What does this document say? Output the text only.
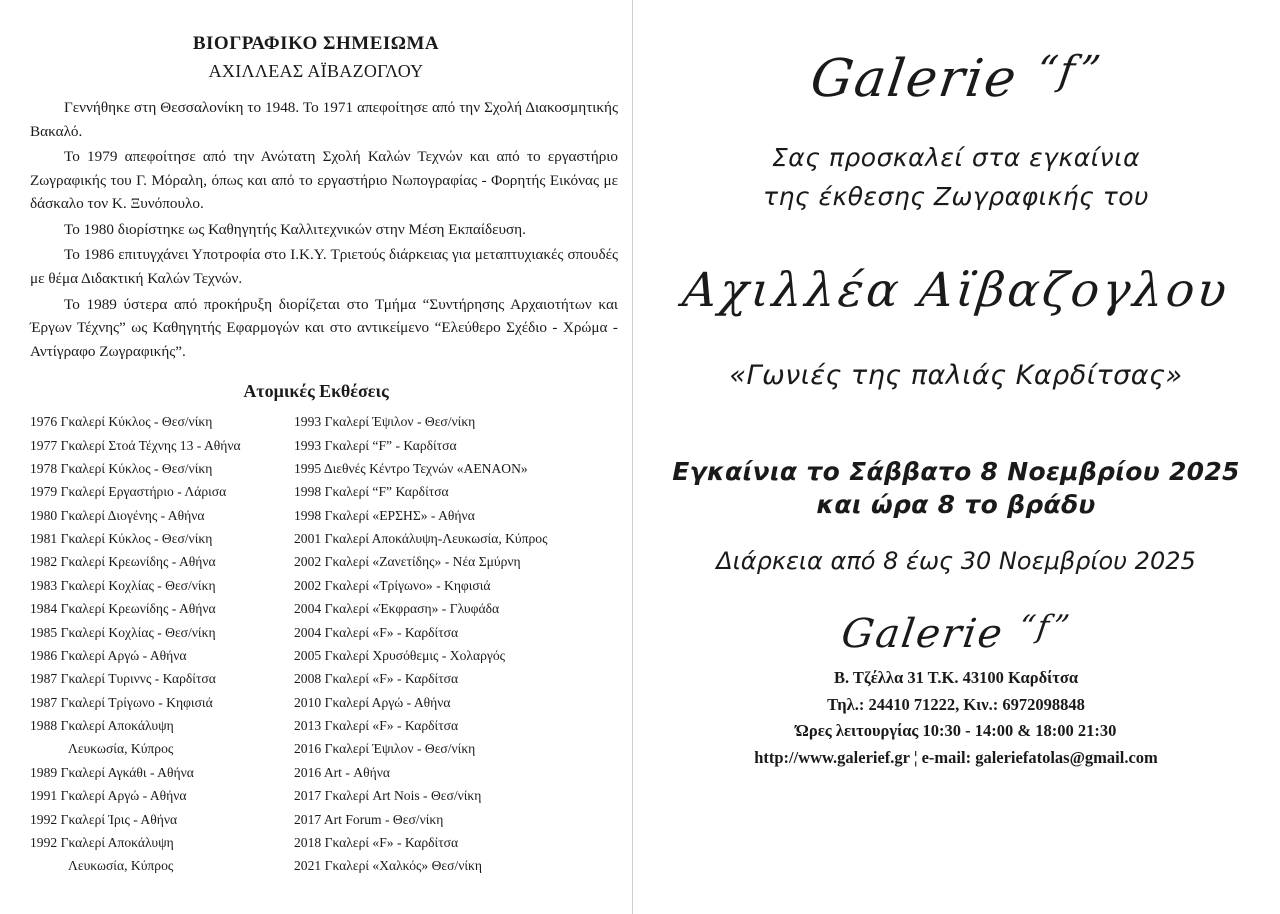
ΒΙΟΓΡΑΦΙΚΟ ΣΗΜΕΙΩΜΑ
ΑΧΙΛΛΕΑΣ ΑΪΒΑΖΟΓΛΟΥ

Γεννήθηκε στη Θεσσαλονίκη το 1948. Το 1971 απεφοίτησε από την Σχολή Διακοσμητικής Βακαλό.

Το 1979 απεφοίτησε από την Ανώτατη Σχολή Καλών Τεχνών και από το εργαστήριο Ζωγραφικής του Γ. Μόραλη, όπως και από το εργαστήριο Νωπογραφίας - Φορητής Εικόνας με δάσκαλο τον Κ. Ξυνόπουλο.

Το 1980 διορίστηκε ως Καθηγητής Καλλιτεχνικών στην Μέση Εκπαίδευση.

Το 1986 επιτυγχάνει Υποτροφία στο Ι.Κ.Υ. Τριετούς διάρκειας για μεταπτυχιακές σπουδές με θέμα Διδακτική Καλών Τεχνών.

Το 1989 ύστερα από προκήρυξη διορίζεται στο Τμήμα “Συντήρησης Αρχαιοτήτων και Έργων Τέχνης” ως Καθηγητής Εφαρμογών και στο αντικείμενο “Ελεύθερο Σχέδιο - Χρώμα - Αντίγραφο Ζωγραφικής”.

Ατομικές Εκθέσεις
1976 Γκαλερί Κύκλος - Θεσ/νίκη
1977 Γκαλερί Στοά Τέχνης 13 - Αθήνα
1978 Γκαλερί Κύκλος - Θεσ/νίκη
1979 Γκαλερί Εργαστήριο - Λάρισα
1980 Γκαλερί Διογένης - Αθήνα
1981 Γκαλερί Κύκλος - Θεσ/νίκη
1982 Γκαλερί Κρεωνίδης - Αθήνα
1983 Γκαλερί Κοχλίας - Θεσ/νίκη
1984 Γκαλερί Κρεωνίδης - Αθήνα
1985 Γκαλερί Κοχλίας - Θεσ/νίκη
1986 Γκαλερί Αργώ - Αθήνα
1987 Γκαλερί Τυριννς - Καρδίτσα
1987 Γκαλερί Τρίγωνο - Κηφισιά
1988 Γκαλερί Αποκάλυψη
Λευκωσία, Κύπρος
1989 Γκαλερί Αγκάθι - Αθήνα
1991 Γκαλερί Αργώ - Αθήνα
1992 Γκαλερί Ίρις - Αθήνα
1992 Γκαλερί Αποκάλυψη
Λευκωσία, Κύπρος
1993 Γκαλερί Έψιλον - Θεσ/νίκη
1993 Γκαλερί “F” - Καρδίτσα
1995 Διεθνές Κέντρο Τεχνών «AENAON»
1998 Γκαλερί “F” Καρδίτσα
1998 Γκαλερί «ΕΡΣΗΣ» - Αθήνα
2001 Γκαλερί Αποκάλυψη-Λευκωσία, Κύπρος
2002 Γκαλερί «Ζανετίδης» - Νέα Σμύρνη
2002 Γκαλερί «Τρίγωνο» - Κηφισιά
2004 Γκαλερί «Έκφραση» - Γλυφάδα
2004 Γκαλερί «F» - Καρδίτσα
2005 Γκαλερί Χρυσόθεμις - Χολαργός
2008 Γκαλερί «F» - Καρδίτσα
2010 Γκαλερί Αργώ - Αθήνα
2013 Γκαλερί «F» - Καρδίτσα
2016 Γκαλερί Έψιλον - Θεσ/νίκη
2016 Art - Αθήνα
2017 Γκαλερί Art Nois - Θεσ/νίκη
2017 Art Forum - Θεσ/νίκη
2018 Γκαλερί «F» - Καρδίτσα
2021 Γκαλερί «Χαλκός» Θεσ/νίκη
Galerie $^{“f”}$
Σας προσκαλεί στα εγκαίνια
της έκθεσης Ζωγραφικής του
Αχιλλέα Αϊβαζογλου
«Γωνιές της παλιάς Καρδίτσας»
Εγκαίνια το Σάββατο 8 Νοεμβρίου 2025
και ώρα 8 το βράδυ
Διάρκεια από 8 έως 30 Νοεμβρίου 2025
Galerie $^{“f”}$
Β. Τζέλλα 31 Τ.Κ. 43100 Καρδίτσα
Τηλ.: 24410 71222, Κιν.: 6972098848
Ώρες λειτουργίας 10:30 - 14:00 & 18:00 21:30
http://www.galerief.gr ¦ e-mail: galeriefatolas@gmail.com
